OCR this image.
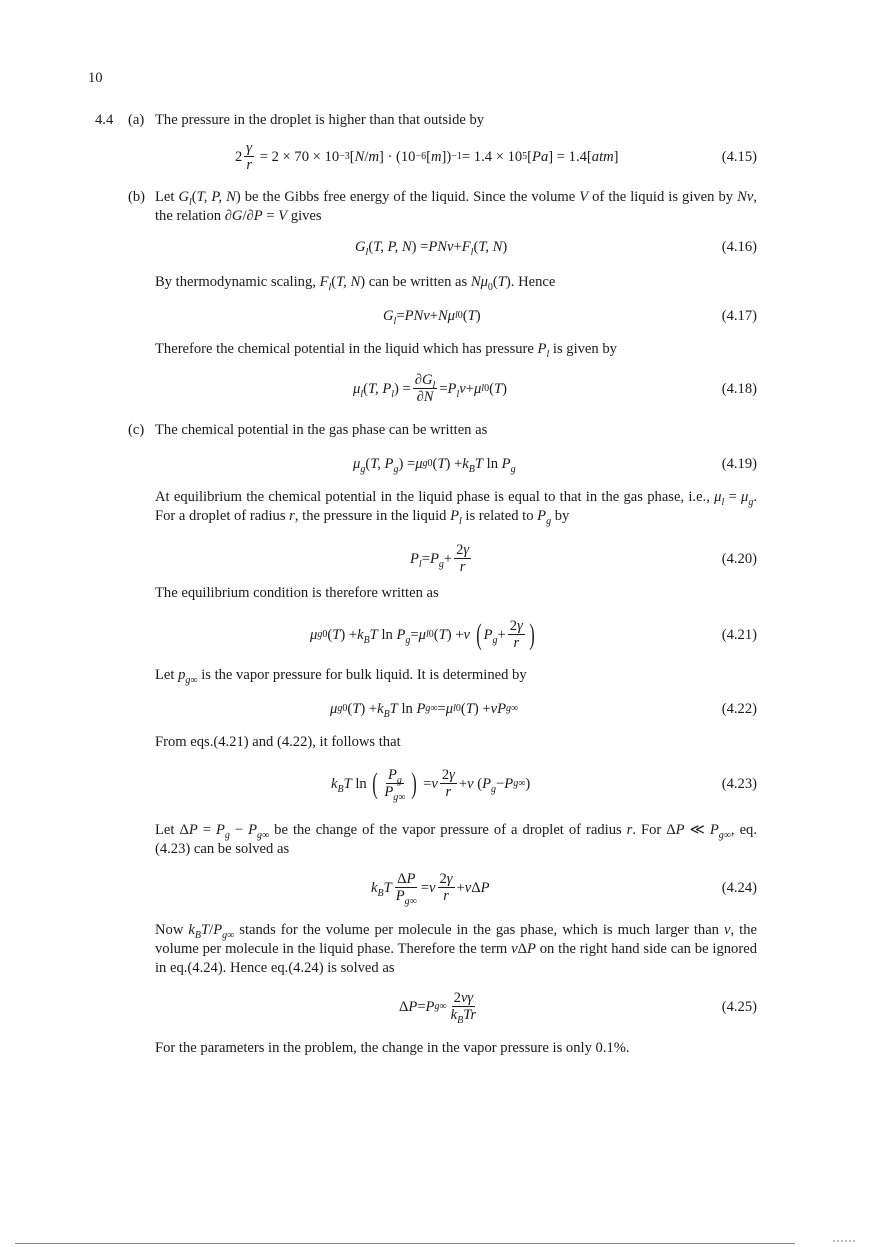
10
4.4 (a) The pressure in the droplet is higher than that outside by
$2 \frac{\gamma}{r} = 2 \times 70 \times 10 -3$ [ N / m ] · (10 −6 [ m ]) −1 = 1.4 × 10 5 [ Pa ] = 1.4[ atm ]	(4.15)
(b) Let $G_l(T$, P, N) be the Gibbs free energy of the liquid. Since the volume V of the liquid is given by Nv, the relation ∂G/∂P = V gives
$G_l$ ( T, P, N ) = PNv + $F_l$ ( T, N )	(4.16)
By thermodynamic scaling, $F_l(T$, N) can be written as $N\mu_0(T)$. Hence
$G_l$ = PNv + Nμ l0 ( T )	(4.17)
Therefore the chemical potential in the liquid which has pressure $P_l$ is given by
$\mu_l$ ( T, $P_l$ ) = $\frac{\partial G_l}{\partial N} = P_lv + \mu$ l0 ( T )	(4.18)
(c) The chemical potential in the gas phase can be written as
$\mu_g$ ( T, $P_g$ ) = μ g0 ( T ) + $k_BT$ $\ln P_g$	(4.19)
At equilibrium the chemical potential in the liquid phase is equal to that in the gas phase, i.e., $\mu_l = \mu_g$. For a droplet of radius r, the pressure in the liquid $P_l$ is related to $P_g$ by
$P_l = P_g + \frac{2\gamma}{r}$	(4.20)
The equilibrium condition is therefore written as
μ g0 ( T ) + $k_BT$ $\ln P_g = \mu$ l0 ( T ) + v
( $P_g + \frac{2\gamma}{r}$ )	(4.21)
Let $p_{g\infty}$ is the vapor pressure for bulk liquid. It is determined by
μ g0 ( T ) + $k_BT$ ln P g∞ = μ l0 ( T ) + vP g∞	(4.22)
From eqs.(4.21) and (4.22), it follows that
$k_BT$ ln ( $\frac{P_g}{P_{g\infty}}$ ) = v $\frac{2\gamma}{r} + v$ ( $P_g - P$ g∞ )	(4.23)
Let $\Delta P = P_g - P_{g\infty}$ be the change of the vapor pressure of a droplet of radius r. For ΔP ≪ $P_{g\infty}$, eq. (4.23) can be solved as
$k_BT \frac{\Delta P}{P_{g\infty}} = v \frac{2\gamma}{r} + v$ Δ P	(4.24)
Now $k_BT/P_{g\infty}$ stands for the volume per molecule in the gas phase, which is much larger than v, the volume per molecule in the liquid phase. Therefore the term vΔP on the right hand side can be ignored in eq.(4.24). Hence eq.(4.24) is solved as
Δ P = P $g\infty \frac{2v\gamma}{k_BTr}$	(4.25)
For the parameters in the problem, the change in the vapor pressure is only 0.1%.
